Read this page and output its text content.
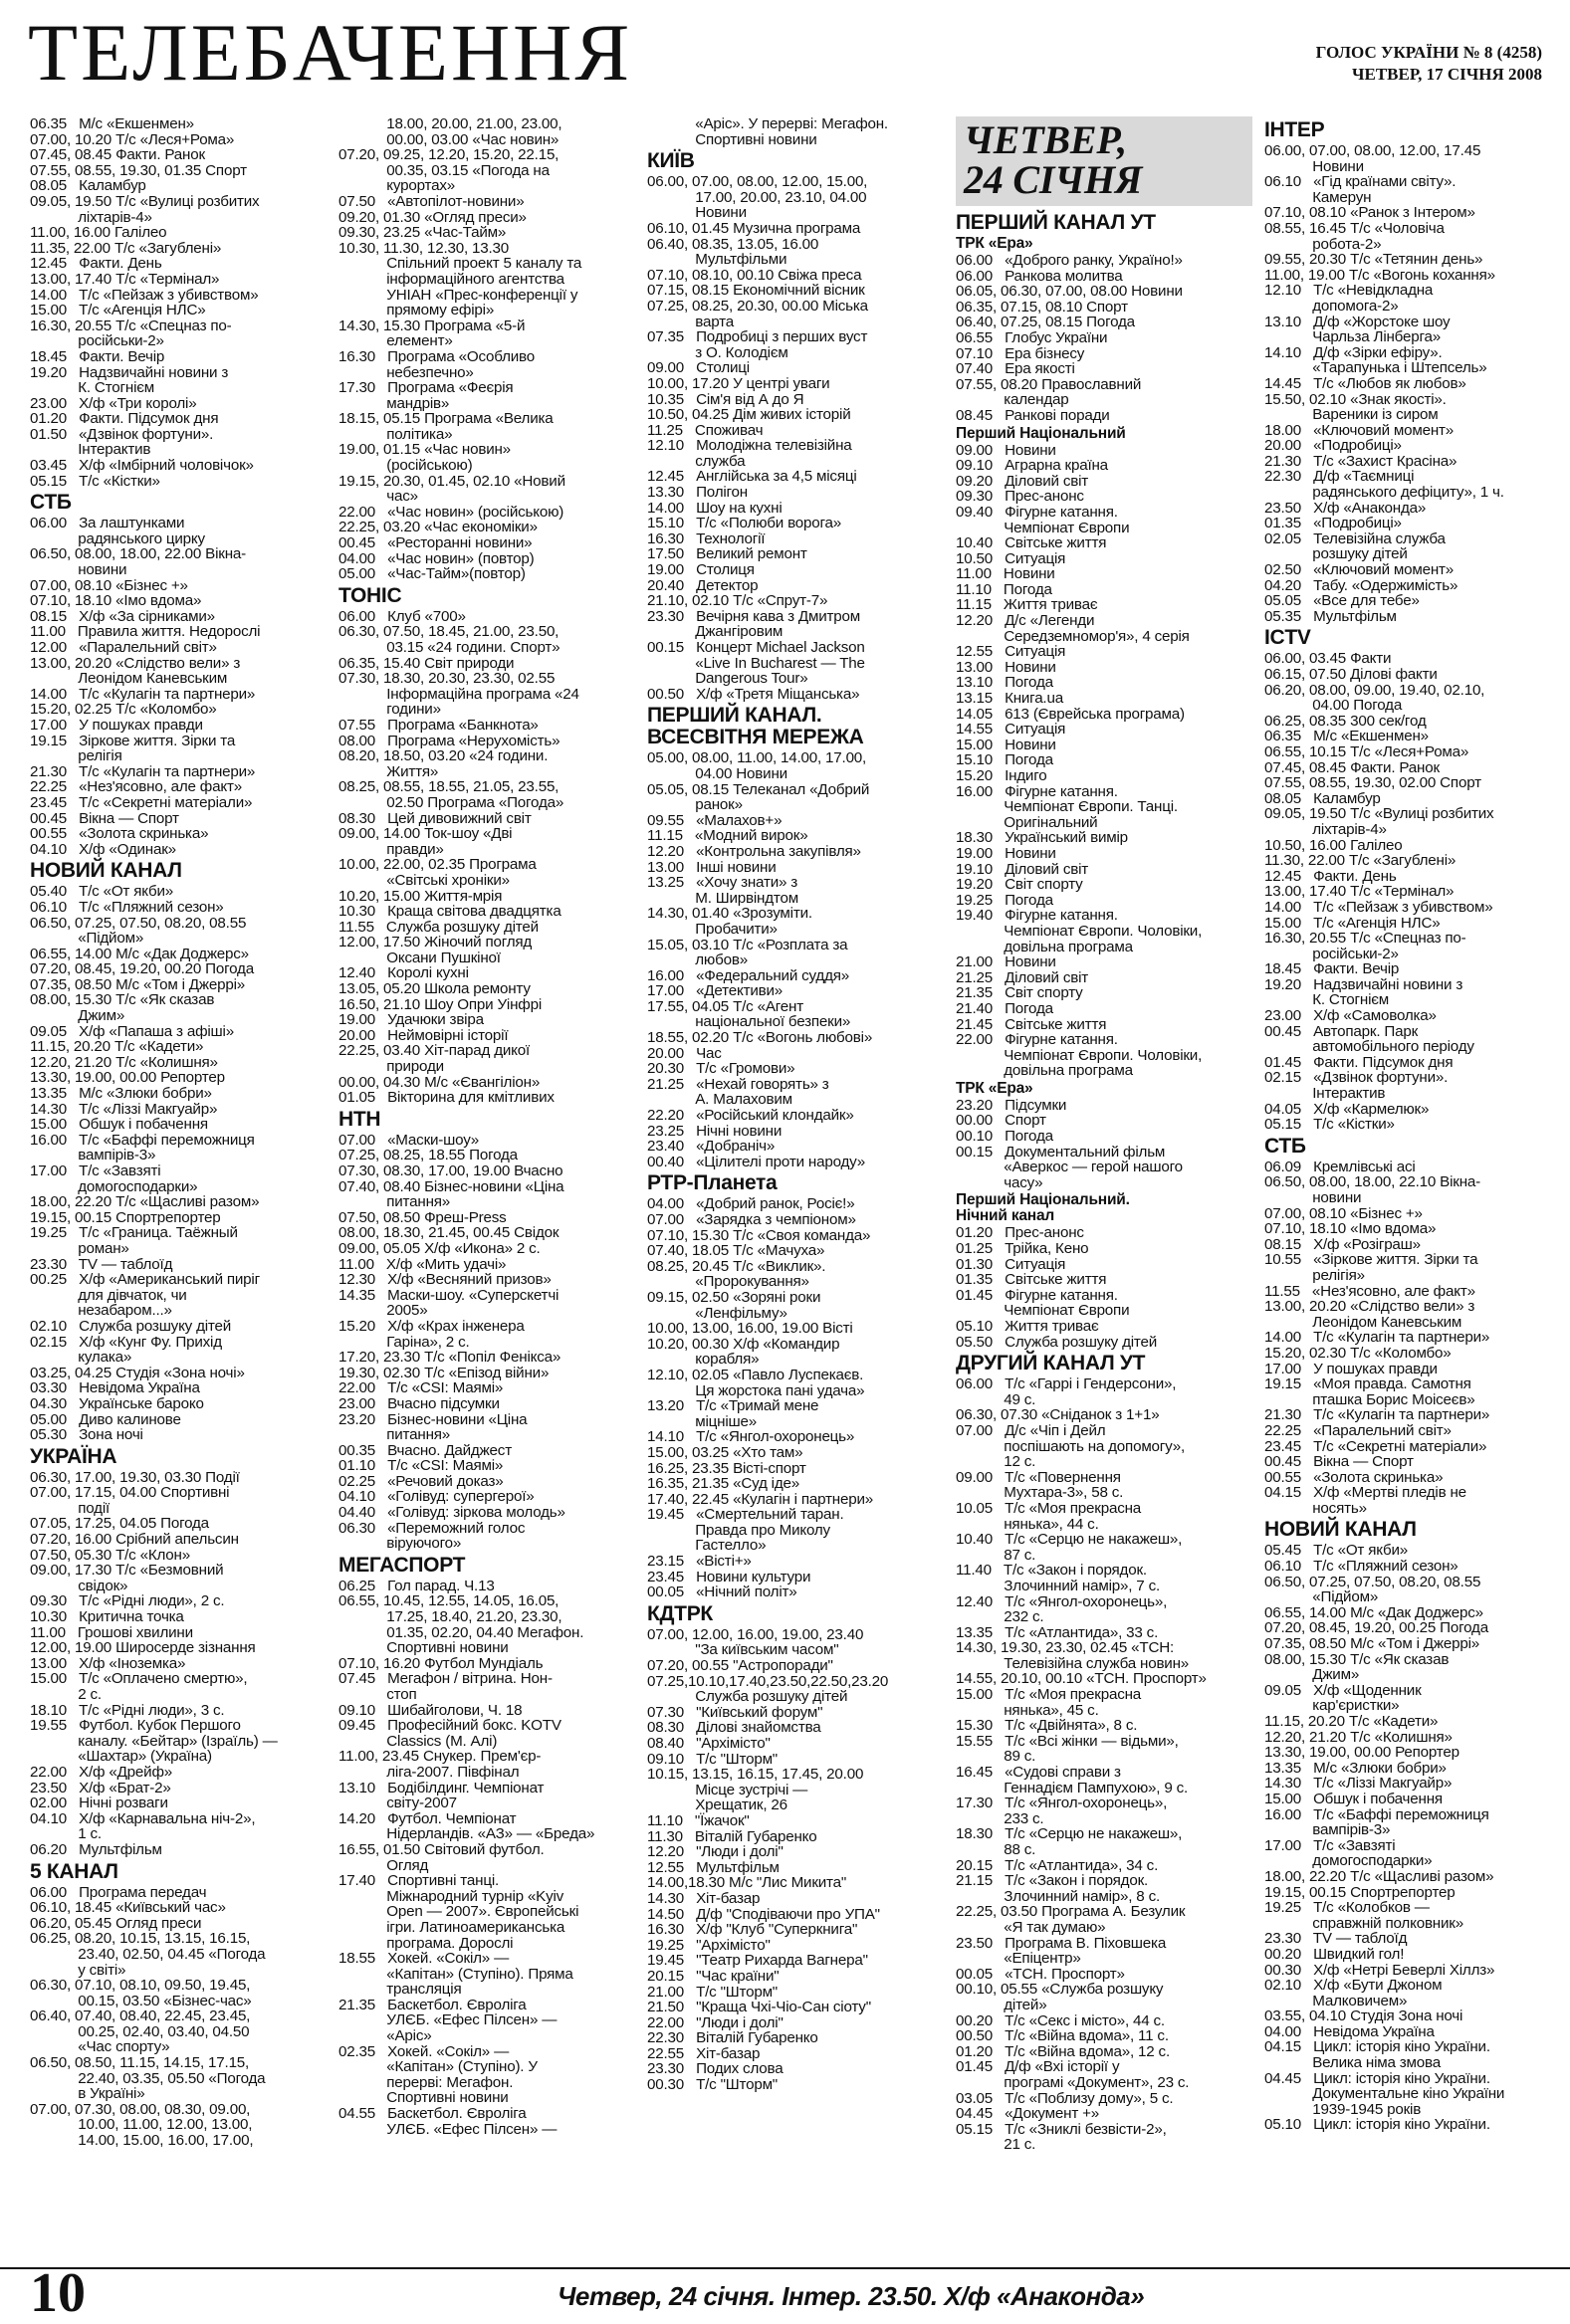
ТЕЛЕБАЧЕННЯ	ГОЛОС УКРАЇНИ № 8 (4258)
ЧЕТВЕР, 17 СІЧНЯ 2008
06.35   М/с «Екшенмен»
07.00, 10.20 Т/с «Леся+Рома»
07.45, 08.45 Факти. Ранок
07.55, 08.55, 19.30, 01.35 Спорт
08.05   Каламбур
09.05, 19.50 Т/с «Вулиці розбитих
ліхтарів-4»
11.00, 16.00 Галілео
11.35, 22.00 Т/с «Загублені»
12.45   Факти. День
13.00, 17.40 Т/с «Термінал»
14.00   Т/с «Пейзаж з убивством»
15.00   Т/с «Агенція НЛС»
16.30, 20.55 Т/с «Спецназ по-
російськи-2»
18.45   Факти. Вечір
19.20   Надзвичайні новини з
К. Стогнієм
23.00   Х/ф «Три королі»
01.20   Факти. Підсумок дня
01.50   «Дзвінок фортуни».
Інтерактив
03.45   Х/ф «Імбірний чоловічок»
05.15   Т/с «Кістки»
СТБ
06.00   За лаштунками
радянського цирку
06.50, 08.00, 18.00, 22.00 Вікна-
новини
07.00, 08.10 «Бізнес +»
07.10, 18.10 «Імо вдома»
08.15   Х/ф «За сірниками»
11.00   Правила життя. Недорослі
12.00   «Паралельний світ»
13.00, 20.20 «Слідство вели» з
Леонідом Каневським
14.00   Т/с «Кулагін та партнери»
15.20, 02.25 Т/с «Коломбо»
17.00   У пошуках правди
19.15   Зіркове життя. Зірки та
релігія
21.30   Т/с «Кулагін та партнери»
22.25   «Нез'ясовно, але факт»
23.45   Т/с «Секретні матеріали»
00.45   Вікна — Спорт
00.55   «Золота скринька»
04.10   Х/ф «Одинак»
НОВИЙ КАНАЛ
05.40   Т/с «От якби»
06.10   Т/с «Пляжний сезон»
06.50, 07.25, 07.50, 08.20, 08.55
«Підйом»
06.55, 14.00 М/с «Дак Доджерс»
07.20, 08.45, 19.20, 00.20 Погода
07.35, 08.50 М/с «Том і Джеррі»
08.00, 15.30 Т/с «Як сказав
Джим»
09.05   Х/ф «Папаша з афіші»
11.15, 20.20 Т/с «Кадети»
12.20, 21.20 Т/с «Колишня»
13.30, 19.00, 00.00 Репортер
13.35   М/с «Злюки бобри»
14.30   Т/с «Ліззі Макгуайр»
15.00   Обшук і побачення
16.00   Т/с «Баффі переможниця
вампірів-3»
17.00   Т/с «Завзяті
домогосподарки»
18.00, 22.20 Т/с «Щасливі разом»
19.15, 00.15 Спортрепортер
19.25   Т/с «Граница. Таёжный
роман»
23.30   TV — таблоїд
00.25   Х/ф «Американський пиріг
для дівчаток, чи
незабаром...»
02.10   Служба розшуку дітей
02.15   Х/ф «Кунг Фу. Прихід
кулака»
03.25, 04.25 Студія «Зона ночі»
03.30   Невідома Україна
04.30   Українське бароко
05.00   Диво калинове
05.30   Зона ночі
УКРАЇНА
06.30, 17.00, 19.30, 03.30 Події
07.00, 17.15, 04.00 Спортивні
події
07.05, 17.25, 04.05 Погода
07.20, 16.00 Срібний апельсин
07.50, 05.30 Т/с «Клон»
09.00, 17.30 Т/с «Безмовний
свідок»
09.30   Т/с «Рідні люди», 2 с.
10.30   Критична точка
11.00   Грошові хвилини
12.00, 19.00 Широсерде зізнання
13.00   Х/ф «Іноземка»
15.00   Т/с «Оплачено смертю»,
2 с.
18.10   Т/с «Рідні люди», 3 с.
19.55   Футбол. Кубок Першого
каналу. «Бейтар» (Ізраїль) —
«Шахтар» (Україна)
22.00   Х/ф «Дрейф»
23.50   Х/ф «Брат-2»
02.00   Нічні розваги
04.10   Х/ф «Карнавальна ніч-2»,
1 с.
06.20   Мультфільм
5 КАНАЛ
06.00   Програма передач
06.10, 18.45 «Київський час»
06.20, 05.45 Огляд преси
06.25, 08.20, 10.15, 13.15, 16.15,
23.40, 02.50, 04.45 «Погода
у світі»
06.30, 07.10, 08.10, 09.50, 19.45,
00.15, 03.50 «Бізнес-час»
06.40, 07.40, 08.40, 22.45, 23.45,
00.25, 02.40, 03.40, 04.50
«Час спорту»
06.50, 08.50, 11.15, 14.15, 17.15,
22.40, 03.35, 05.50 «Погода
в Україні»
07.00, 07.30, 08.00, 08.30, 09.00,
10.00, 11.00, 12.00, 13.00,
14.00, 15.00, 16.00, 17.00,
18.00, 20.00, 21.00, 23.00,
00.00, 03.00 «Час новин»
07.20, 09.25, 12.20, 15.20, 22.15,
00.35, 03.15 «Погода на
курортах»
07.50   «Автопілот-новини»
09.20, 01.30 «Огляд преси»
09.30, 23.25 «Час-Тайм»
10.30, 11.30, 12.30, 13.30
Спільний проект 5 каналу та
інформаційного агентства
УНІАН «Прес-конференції у
прямому ефірі»
14.30, 15.30 Програма «5-й
елемент»
16.30   Програма «Особливо
небезпечно»
17.30   Програма «Феєрія
мандрів»
18.15, 05.15 Програма «Велика
політика»
19.00, 01.15 «Час новин»
(російською)
19.15, 20.30, 01.45, 02.10 «Новий
час»
22.00   «Час новин» (російською)
22.25, 03.20 «Час економіки»
00.45   «Ресторанні новини»
04.00   «Час новин» (повтор)
05.00   «Час-Тайм»(повтор)
ТОНІС
06.00   Клуб «700»
06.30, 07.50, 18.45, 21.00, 23.50,
03.15 «24 години. Спорт»
06.35, 15.40 Світ природи
07.30, 18.30, 20.30, 23.30, 02.55
Інформаційна програма «24
години»
07.55   Програма «Банкнота»
08.00   Програма «Нерухомість»
08.20, 18.50, 03.20 «24 години.
Життя»
08.25, 08.55, 18.55, 21.05, 23.55,
02.50 Програма «Погода»
08.30   Цей дивовижний світ
09.00, 14.00 Ток-шоу «Дві
правди»
10.00, 22.00, 02.35 Програма
«Світські хроніки»
10.20, 15.00 Життя-мрія
10.30   Краща світова двадцятка
11.55   Служба розшуку дітей
12.00, 17.50 Жіночий погляд
Оксани Пушкіної
12.40   Королі кухні
13.05, 05.20 Школа ремонту
16.50, 21.10 Шоу Опри Уінфрі
19.00   Удачюки звіра
20.00   Неймовірні історії
22.25, 03.40 Хіт-парад дикої
природи
00.00, 04.30 М/с «Євангіліон»
01.05   Вікторина для кмітливих
НТН
07.00   «Маски-шоу»
07.25, 08.25, 18.55 Погода
07.30, 08.30, 17.00, 19.00 Вчасно
07.40, 08.40 Бізнес-новини «Ціна
питання»
07.50, 08.50 Фреш-Press
08.00, 18.30, 21.45, 00.45 Свідок
09.00, 05.05 Х/ф «Икона» 2 с.
11.00   Х/ф «Мить удачі»
12.30   Х/ф «Весняний призов»
14.35   Маски-шоу. «Суперскетчі
2005»
15.20   Х/ф «Крах інженера
Гаріна», 2 с.
17.20, 23.30 Т/с «Попіл Фенікса»
19.30, 02.30 Т/с «Епізод війни»
22.00   Т/с «CSI: Маямі»
23.00   Вчасно підсумки
23.20   Бізнес-новини «Ціна
питання»
00.35   Вчасно. Дайджест
01.10   Т/с «CSI: Маямі»
02.25   «Речовий доказ»
04.10   «Голівуд: супергерої»
04.40   «Голівуд: зіркова молодь»
06.30   «Переможний голос
віруючого»
МЕГАСПОРТ
06.25   Гол парад. Ч.13
06.55, 10.45, 12.55, 14.05, 16.05,
17.25, 18.40, 21.20, 23.30,
01.35, 02.20, 04.40 Мегафон.
Спортивні новини
07.10, 16.20 Футбол Мундіаль
07.45   Мегафон / вітрина. Нон-
стоп
09.10   Шибайголови, Ч. 18
09.45   Професійний бокс. KOTV
Classics (M. Алі)
11.00, 23.45 Снукер. Прем'єр-
ліга-2007. Півфінал
13.10   Бодібілдинг. Чемпіонат
світу-2007
14.20   Футбол. Чемпіонат
Нідерландів. «АЗ» — «Бреда»
16.55, 01.50 Світовий футбол.
Огляд
17.40   Спортивні танці.
Міжнародний турнір «Kyiv
Open — 2007». Європейські
ігри. Латиноамериканська
програма. Дорослі
18.55   Хокей. «Сокіл» —
«Капітан» (Ступіно). Пряма
трансляція
21.35   Баскетбол. Євроліга
УЛЄБ. «Ефес Пілсен» —
«Аріс»
02.35   Хокей. «Сокіл» —
«Капітан» (Ступіно). У
перерві: Мегафон.
Спортивні новини
04.55   Баскетбол. Євроліга
УЛЄБ. «Ефес Пілсен» —
«Аріс». У перерві: Мегафон.
Спортивні новини
КИЇВ
06.00, 07.00, 08.00, 12.00, 15.00,
17.00, 20.00, 23.10, 04.00
Новини
06.10, 01.45 Музична програма
06.40, 08.35, 13.05, 16.00
Мультфільми
07.10, 08.10, 00.10 Свіжа преса
07.15, 08.15 Економічний вісник
07.25, 08.25, 20.30, 00.00 Міська
варта
07.35   Подробиці з перших вуст
з О. Колодієм
09.00   Столиці
10.00, 17.20 У центрі уваги
10.35   Сім'я від А до Я
10.50, 04.25 Дім живих історій
11.25   Споживач
12.10   Молодіжна телевізійна
служба
12.45   Англійська за 4,5 місяці
13.30   Полігон
14.00   Шоу на кухні
15.10   Т/с «Полюби ворога»
16.30   Технології
17.50   Великий ремонт
19.00   Столиця
20.40   Детектор
21.10, 02.10 Т/с «Спрут-7»
23.30   Вечірня кава з Дмитром
Джангіровим
00.15   Концерт Michael Jackson
«Live In Bucharest — The
Dangerous Tour»
00.50   Х/ф «Третя Міщанська»
ПЕРШИЙ КАНАЛ.
ВСЕСВІТНЯ МЕРЕЖА
05.00, 08.00, 11.00, 14.00, 17.00,
04.00 Новини
05.05, 08.15 Телеканал «Добрий
ранок»
09.55   «Малахов+»
11.15   «Модний вирок»
12.20   «Контрольна закупівля»
13.00   Інші новини
13.25   «Хочу знати» з
М. Ширвіндтом
14.30, 01.40 «Зрозуміти.
Пробачити»
15.05, 03.10 Т/с «Розплата за
любов»
16.00   «Федеральний суддя»
17.00   «Детективи»
17.55, 04.05 Т/с «Агент
національної безпеки»
18.55, 02.20 Т/с «Вогонь любові»
20.00   Час
20.30   Т/с «Громови»
21.25   «Нехай говорять» з
А. Малаховим
22.20   «Російський клондайк»
23.25   Нічні новини
23.40   «Добраніч»
00.40   «Цілителі проти народу»
РТР-Планета
04.00   «Добрий ранок, Росіє!»
07.00   «Зарядка з чемпіоном»
07.10, 15.30 Т/с «Своя команда»
07.40, 18.05 Т/с «Мачуха»
08.25, 20.45 Т/с «Виклик».
«Пророкування»
09.15, 02.50 «Зоряні роки
«Ленфільму»
10.00, 13.00, 16.00, 19.00 Вісті
10.20, 00.30 Х/ф «Командир
корабля»
12.10, 02.05 «Павло Луспекаєв.
Ця жорстока пані удача»
13.20   Т/с «Тримай мене
міцніше»
14.10   Т/с «Янгол-охоронець»
15.00, 03.25 «Хто там»
16.25, 23.35 Вісті-спорт
16.35, 21.35 «Суд іде»
17.40, 22.45 «Кулагін і партнери»
19.45   «Смертельний таран.
Правда про Миколу
Гастелло»
23.15   «Вісті+»
23.45   Новини культури
00.05   «Нічний політ»
КДТРК
07.00, 12.00, 16.00, 19.00, 23.40
"За київським часом"
07.20, 00.55 "Астропоради"
07.25,10.10,17.40,23.50,22.50,23.20
Служба розшуку дітей
07.30   "Київський форум"
08.30   Ділові знайомства
08.40   "Архімісто"
09.10   Т/с "Шторм"
10.15, 13.15, 16.15, 17.45, 20.00
Місце зустрічі —
Хрещатик, 26
11.10   "Їжачок"
11.30   Віталій Губаренко
12.20   "Люди і долі"
12.55   Мультфільм
14.00,18.30 М/с "Лис Микита"
14.30   Хіт-базар
14.50   Д/ф "Сподіваючи про УПА"
16.30   Х/ф "Клуб "Суперкнига"
19.25   "Архімісто"
19.45   "Театр Рихарда Вагнера"
20.15   "Час країни"
21.00   Т/с "Шторм"
21.50   "Краща Чхі-Чіо-Сан сіоту"
22.00   "Люди і долі"
22.30   Віталій Губаренко
22.55   Хіт-базар
23.30   Подих слова
00.30   Т/с "Шторм"
ЧЕТВЕР,
24 СІЧНЯ
ПЕРШИЙ КАНАЛ УТ
ТРК «Ера»
06.00   «Доброго ранку, Україно!»
06.00   Ранкова молитва
06.05, 06.30, 07.00, 08.00 Новини
06.35, 07.15, 08.10 Спорт
06.40, 07.25, 08.15 Погода
06.55   Глобус України
07.10   Ера бізнесу
07.40   Ера якості
07.55, 08.20 Православний
календар
08.45   Ранкові поради
Перший Національний
09.00   Новини
09.10   Аграрна країна
09.20   Діловий світ
09.30   Прес-анонс
09.40   Фігурне катання.
Чемпіонат Європи
10.40   Світське життя
10.50   Ситуація
11.00   Новини
11.10   Погода
11.15   Життя триває
12.20   Д/с «Легенди
Середземномор'я», 4 серія
12.55   Ситуація
13.00   Новини
13.10   Погода
13.15   Книга.ua
14.05   613 (Єврейська програма)
14.55   Ситуація
15.00   Новини
15.10   Погода
15.20   Індиго
16.00   Фігурне катання.
Чемпіонат Європи. Танці.
Оригінальний
18.30   Український вимір
19.00   Новини
19.10   Діловий світ
19.20   Світ спорту
19.25   Погода
19.40   Фігурне катання.
Чемпіонат Європи. Чоловіки,
довільна програма
21.00   Новини
21.25   Діловий світ
21.35   Світ спорту
21.40   Погода
21.45   Світське життя
22.00   Фігурне катання.
Чемпіонат Європи. Чоловіки,
довільна програма
ТРК «Ера»
23.20   Підсумки
00.00   Спорт
00.10   Погода
00.15   Документальний фільм
«Аверкос — герой нашого
часу»
Перший Національний.
Нічний канал
01.20   Прес-анонс
01.25   Трійка, Кено
01.30   Ситуація
01.35   Світське життя
01.45   Фігурне катання.
Чемпіонат Європи
05.10   Життя триває
05.50   Служба розшуку дітей
ДРУГИЙ КАНАЛ УТ
06.00   Т/с «Гаррі і Гендерсони»,
49 с.
06.30, 07.30 «Сніданок з 1+1»
07.00   Д/с «Чіп і Дейл
поспішають на допомогу»,
12 с.
09.00   Т/с «Повернення
Мухтара-3», 58 с.
10.05   Т/с «Моя прекрасна
нянька», 44 с.
10.40   Т/с «Серцю не накажеш»,
87 с.
11.40   Т/с «Закон і порядок.
Злочинний намір», 7 с.
12.40   Т/с «Янгол-охоронець»,
232 с.
13.35   Т/с «Атлантида», 33 с.
14.30, 19.30, 23.30, 02.45 «ТСН:
Телевізійна служба новин»
14.55, 20.10, 00.10 «ТСН. Проспорт»
15.00   Т/с «Моя прекрасна
нянька», 45 с.
15.30   Т/с «Двійнята», 8 с.
15.55   Т/с «Всі жінки — відьми»,
89 с.
16.45   «Судові справи з
Геннадієм Пампухою», 9 с.
17.30   Т/с «Янгол-охоронець»,
233 с.
18.30   Т/с «Серцю не накажеш»,
88 с.
20.15   Т/с «Атлантида», 34 с.
21.15   Т/с «Закон і порядок.
Злочинний намір», 8 с.
22.25, 03.50 Програма А. Безулик
«Я так думаю»
23.50   Програма В. Піховшека
«Епіцентр»
00.05   «ТСН. Проспорт»
00.10, 05.55 «Служба розшуку
дітей»
00.20   Т/с «Секс і місто», 44 с.
00.50   Т/с «Війна вдома», 11 с.
01.20   Т/с «Війна вдома», 12 с.
01.45   Д/ф «Вхі історії у
програмі «Документ», 23 с.
03.05   Т/с «Поблизу дому», 5 с.
04.45   «Документ +»
05.15   Т/с «Зниклі безвісти-2»,
21 с.
ІНТЕР
06.00, 07.00, 08.00, 12.00, 17.45
Новини
06.10   «Гід країнами світу».
Камерун
07.10, 08.10 «Ранок з Інтером»
08.55, 16.45 Т/с «Чоловіча
робота-2»
09.55, 20.30 Т/с «Тетянин день»
11.00, 19.00 Т/с «Вогонь кохання»
12.10   Т/с «Невідкладна
допомога-2»
13.10   Д/ф «Жорстоке шоу
Чарльза Лінберга»
14.10   Д/ф «Зірки ефіру».
«Тарапунька і Штепсель»
14.45   Т/с «Любов як любов»
15.50, 02.10 «Знак якості».
Вареники із сиром
18.00   «Ключовий момент»
20.00   «Подробиці»
21.30   Т/с «Захист Красіна»
22.30   Д/ф «Таємниці
радянського дефіциту», 1 ч.
23.50   Х/ф «Анаконда»
01.35   «Подробиці»
02.05   Телевізійна служба
розшуку дітей
02.50   «Ключовий момент»
04.20   Табу. «Одержимість»
05.05   «Все для тебе»
05.35   Мультфільм
ICTV
06.00, 03.45 Факти
06.15, 07.50 Ділові факти
06.20, 08.00, 09.00, 19.40, 02.10,
04.00 Погода
06.25, 08.35 300 сек/год
06.35   М/с «Екшенмен»
06.55, 10.15 Т/с «Леся+Рома»
07.45, 08.45 Факти. Ранок
07.55, 08.55, 19.30, 02.00 Спорт
08.05   Каламбур
09.05, 19.50 Т/с «Вулиці розбитих
ліхтарів-4»
10.50, 16.00 Галілео
11.30, 22.00 Т/с «Загублені»
12.45   Факти. День
13.00, 17.40 Т/с «Термінал»
14.00   Т/с «Пейзаж з убивством»
15.00   Т/с «Агенція НЛС»
16.30, 20.55 Т/с «Спецназ по-
російськи-2»
18.45   Факти. Вечір
19.20   Надзвичайні новини з
К. Стогнієм
23.00   Х/ф «Самоволка»
00.45   Автопарк. Парк
автомобільного періоду
01.45   Факти. Підсумок дня
02.15   «Дзвінок фортуни».
Інтерактив
04.05   Х/ф «Кармелюк»
05.15   Т/с «Кістки»
СТБ
06.09   Кремлівські асі
06.50, 08.00, 18.00, 22.10 Вікна-
новини
07.00, 08.10 «Бізнес +»
07.10, 18.10 «Імо вдома»
08.15   Х/ф «Розіграш»
10.55   «Зіркове життя. Зірки та
релігія»
11.55   «Нез'ясовно, але факт»
13.00, 20.20 «Слідство вели» з
Леонідом Каневським
14.00   Т/с «Кулагін та партнери»
15.20, 02.30 Т/с «Коломбо»
17.00   У пошуках правди
19.15   «Моя правда. Самотня
пташка Борис Моісеєв»
21.30   Т/с «Кулагін та партнери»
22.25   «Паралельний світ»
23.45   Т/с «Секретні матеріали»
00.45   Вікна — Спорт
00.55   «Золота скринька»
04.15   Х/ф «Мертві пледів не
носять»
НОВИЙ КАНАЛ
05.45   Т/с «От якби»
06.10   Т/с «Пляжний сезон»
06.50, 07.25, 07.50, 08.20, 08.55
«Підйом»
06.55, 14.00 М/с «Дак Доджерс»
07.20, 08.45, 19.20, 00.25 Погода
07.35, 08.50 М/с «Том і Джеррі»
08.00, 15.30 Т/с «Як сказав
Джим»
09.05   Х/ф «Щоденник
кар'єристки»
11.15, 20.20 Т/с «Кадети»
12.20, 21.20 Т/с «Колишня»
13.30, 19.00, 00.00 Репортер
13.35   М/с «Злюки бобри»
14.30   Т/с «Ліззі Макгуайр»
15.00   Обшук і побачення
16.00   Т/с «Баффі переможниця
вампірів-3»
17.00   Т/с «Завзяті
домогосподарки»
18.00, 22.20 Т/с «Щасливі разом»
19.15, 00.15 Спортрепортер
19.25   Т/с «Колобков —
справжній полковник»
23.30   TV — таблоїд
00.20   Швидкий гол!
00.30   Х/ф «Нетрі Беверлі Хіллз»
02.10   Х/ф «Бути Джоном
Малковичем»
03.55, 04.10 Студія Зона ночі
04.00   Невідома Україна
04.15   Цикл: історія кіно України.
Велика німа змова
04.45   Цикл: історія кіно України.
Документальне кіно України
1939-1945 років
05.10   Цикл: історія кіно України.
10	Четвер, 24 січня. Інтер. 23.50. Х/ф «Анаконда»
